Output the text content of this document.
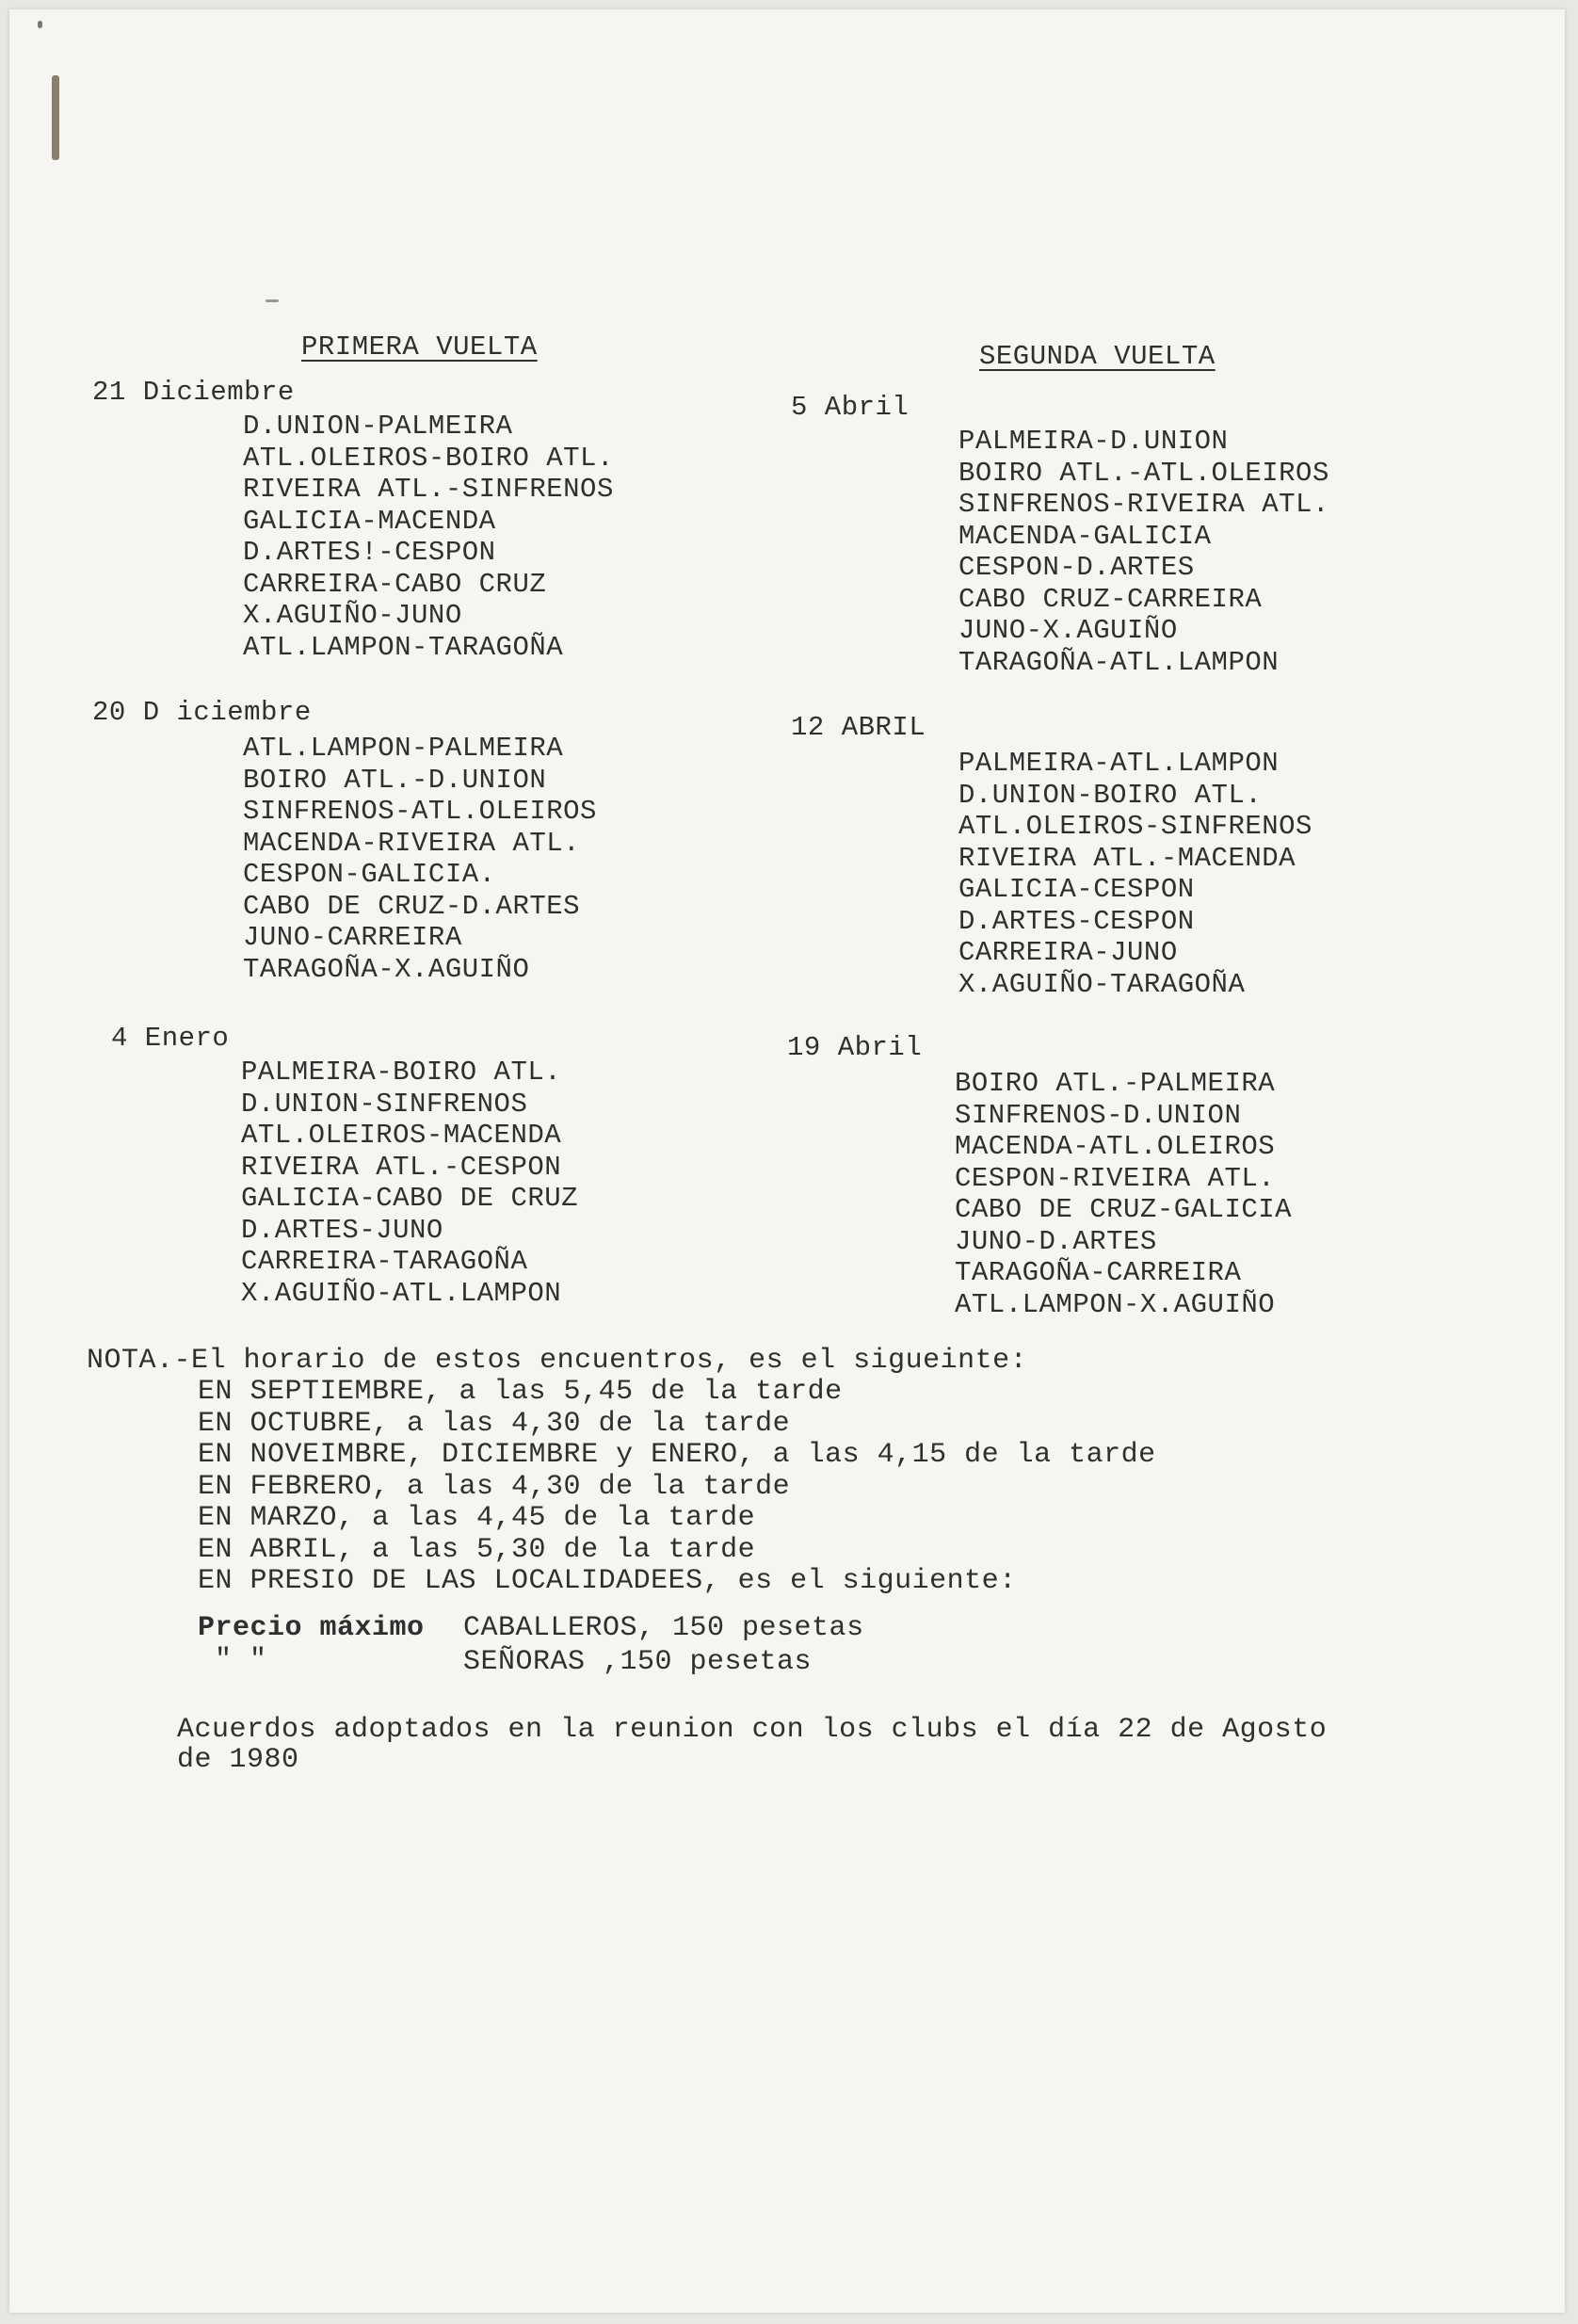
PRIMERA VUELTA	SEGUNDA VUELTA
21 Diciembre
D.UNION-PALMEIRA
ATL.OLEIROS-BOIRO ATL.
RIVEIRA ATL.-SINFRENOS
GALICIA-MACENDA
D.ARTES!-CESPON
CARREIRA-CABO CRUZ
X.AGUIÑO-JUNO
ATL.LAMPON-TARAGOÑA
20 D iciembre
ATL.LAMPON-PALMEIRA
BOIRO ATL.-D.UNION
SINFRENOS-ATL.OLEIROS
MACENDA-RIVEIRA ATL.
CESPON-GALICIA.
CABO DE CRUZ-D.ARTES
JUNO-CARREIRA
TARAGOÑA-X.AGUIÑO
4 Enero
PALMEIRA-BOIRO ATL.
D.UNION-SINFRENOS
ATL.OLEIROS-MACENDA
RIVEIRA ATL.-CESPON
GALICIA-CABO DE CRUZ
D.ARTES-JUNO
CARREIRA-TARAGOÑA
X.AGUIÑO-ATL.LAMPON
5 Abril
PALMEIRA-D.UNION
BOIRO ATL.-ATL.OLEIROS
SINFRENOS-RIVEIRA ATL.
MACENDA-GALICIA
CESPON-D.ARTES
CABO CRUZ-CARREIRA
JUNO-X.AGUIÑO
TARAGOÑA-ATL.LAMPON
12 ABRIL
PALMEIRA-ATL.LAMPON
D.UNION-BOIRO ATL.
ATL.OLEIROS-SINFRENOS
RIVEIRA ATL.-MACENDA
GALICIA-CESPON
D.ARTES-CESPON
CARREIRA-JUNO
X.AGUIÑO-TARAGOÑA
19 Abril
BOIRO ATL.-PALMEIRA
SINFRENOS-D.UNION
MACENDA-ATL.OLEIROS
CESPON-RIVEIRA ATL.
CABO DE CRUZ-GALICIA
JUNO-D.ARTES
TARAGOÑA-CARREIRA
ATL.LAMPON-X.AGUIÑO
NOTA.-El horario de estos encuentros, es el sigueinte:
EN SEPTIEMBRE, a las 5,45 de la tarde
EN OCTUBRE, a las 4,30 de la tarde
EN NOVEIMBRE, DICIEMBRE y ENERO, a las 4,15 de la tarde
EN FEBRERO, a las 4,30 de la tarde
EN MARZO, a las 4,45 de la tarde
EN ABRIL, a las 5,30 de la tarde
EN PRESIO DE LAS LOCALIDADEES, es el siguiente:
Precio máximo CABALLEROS, 150 pesetas
" "	SEÑORAS ,150 pesetas
Acuerdos adoptados en la reunion con los clubs el día 22 de Agosto
de 1980
